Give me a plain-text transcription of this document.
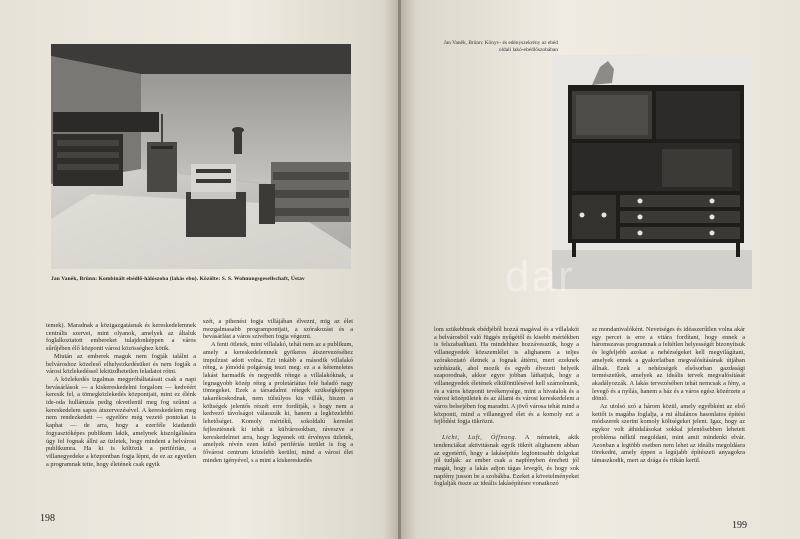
Jan Vaněk, Brünn: Kombinált ebédlő-hálószoba (lakás ebu). Közölte: S. S. Wohnungsgesellschaft, Ústav

temek). Maradnak a közigazgatásnak és kereskedelemnek centrális szervei, mint olyanok, amelyek az általuk foglalkoztatott embereket tulajdonképpen a város sűrűjében élő központi városi közösséghez kötik.

Miután az emberek maguk nem fogják találni a belvároshoz közeleső elhelyezkedésüket és nem fogják a városi közlekedéssel lekiüzdhetetlen feladatot rótni.

A közlekedés izgalmas megpróbáltatásait csak a napi bevásárlások — a kiskereskedelmi forgalom — kedvéért keresik fel, a tömegközlekedés központjait, mint ez élénk ide-oda hullámzás pedig okvetlenül meg fog szűnni a kereskedelem sapos átszervezésével. A kereskedelem meg nem rendezkedett — egyelőre még vezető pontokat is kaphat — de arra, hogy a ezerféle kiadandó fogyasztóképes publikum lakik, amelynek kiszolgálására úgy fel fognak állni az üzletek, hogy mindent a belvárosi publikumra. Ha ki is költözik a periférián, a villanegyedeke a központban fogja lépni, de ez az egyetlen a programnak tette, hogy életének csak egyik

szét, a pihenést fogja villájában élvezni, mig az élet mozgalmasabb programpontjait, a szórakozást és a bevásárlást a város szívében fogja végezni.

A fenti ötletek, mint villalakó, tehát nem az a publikum, amely a kereskedelemnek gyökeres átszervezéséhez impulzust adott volna. Ezt inkább a második villalakó réteg, a jómódú polgárság teszi meg: ez a a kétemeletes lakást harmadik és negyedik rétege a villalakóknak, a legnagyobb közép réteg a proletáriátus felé haladó nagy tömegeket. Ezek a társadalmi rétegek szükségképpen takarékoskodnak, nem túlsúlyos kis villák, hiszen a költségek jelentős részét erre fordítják, s hogy nem a kedvező távolságot válasszák ki, hanem a legközelebbi lehetőséget. Komoly mértékű, sokoldalú kereslet fejlesztésnek ki tehát a külvárosokban, ráveszve a kereskedelmet arra, hogy legyenek ott érvényes üzletek, amelyek révén ezen külső perifériás terület is fog a fővárosi centrum közelebb kerülni, mind a városi élet minden igényével, s a mint a kiskereskedés

198
Jan Vaněk, Brünn: Könyv- és edényszekrény az ebéd oldali lakó-ebédlőszobában
dar

lom szükebbnek ebédjéből hozzá magával és a villalakót a belvárosból való függés nyűgétől és kisebb mértékben is felszabadítani. Ha mindehhez hozzávesszük, hogy a villanegyedek közszemlélet is alighanem a teljes szórakoztató életnek a fognak áttérni, mert ezeknek színházaik, ahol mozik és egyéb élvezeti helyeik szaporodnak, akkor egyre jobban láthatjuk, hogy a villanegyedek életének elkülönülésével kell számolnunk, és a város központi tevékenysége, mint a hivatalok és a városi középületek és az állami és városi kereskedelem a város belsejében fog maradni. A jövő városa tehát mind a központi, mind a villanegyed élet és a komoly ezt a fejlődést fogja tükrözni.

Licht, Luft, Öffnung. A németek, akik tendenciákat aktivitásnak egyik tükrét alighanem abban az egyetértő, hogy a lakásépítés legfontosabb dolgokat jól tudják: az ember csak a napfényben érezheti jól magát, hogy a lakás adjon tágas levegőt, és hogy sok napfény jusson be a szobákba. Ezeket a követelményeket foglalják össze az ideális lakásépítésre vonatkozó

sz mondanivalóként. Nevetséges és idéaszerűtlen volna akár egy percet is erre a vitára fordítani, hogy ennek a háromszavas programnak a feltétlen helyességét bizonyítsuk és legfeljebb azokat a nehézségeket kell megvilágítani, amelyek ennek a gyakorlatban megvalósításának útjában állnak. Ezek a nehézségek elsősorban gazdasági természetűek, amelyek az ideális tervek megvalósítását akadályozzák. A lakás tervezésében tehát nemcsak a fény, a levegő és a nyílás, hanem a ház és a város egész közérzete a döntő.

Az utolsó szó a három közül, amely egyébként az első kettőt is magába foglalja, a mi általános hasonlatos építési módszerek szerint komoly költségeket jelent. Igaz, hogy az egykor volt áthidalásokat sokkal jelentősebben lehetett probléma nélkül megoldani, mint amit mindenki elvár. Azonban a legtöbb esetben nem lehet az ideális megoldásra törekedni, amely éppen a legújabb építészeti anyagokra támaszkodik, mert az drága és ritkán kerül.

199
